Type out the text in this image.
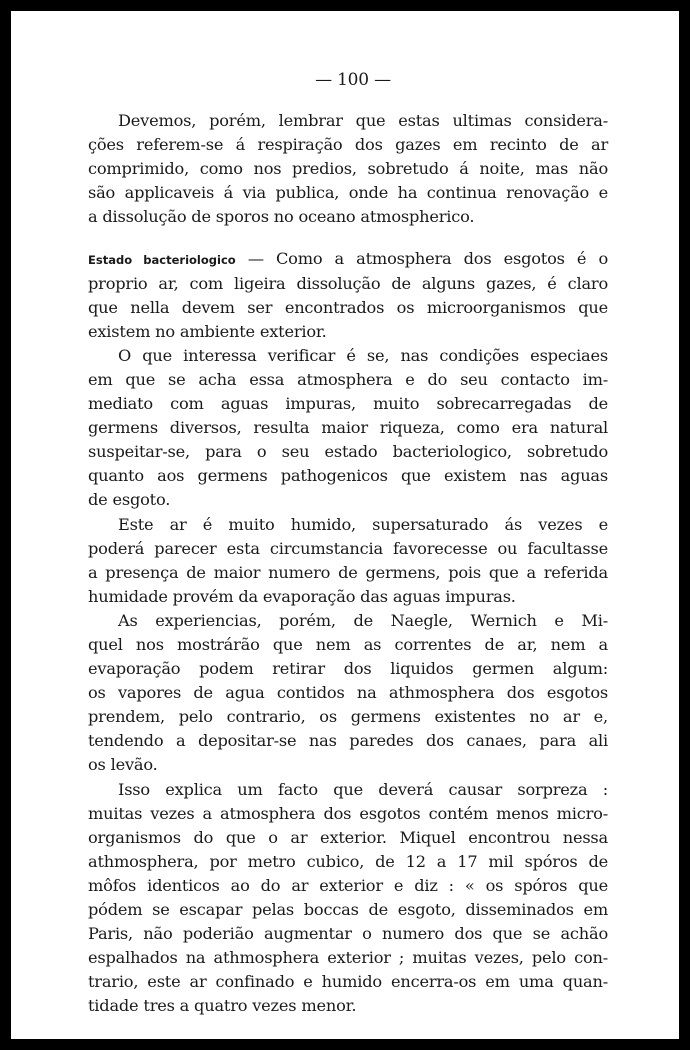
— 100 —
Devemos, porém, lembrar que estas ultimas considera-
ções referem-se á respiração dos gazes em recinto de ar
comprimido, como nos predios, sobretudo á noite, mas não
são applicaveis á via publica, onde ha continua renovação e
a dissolução de sporos no oceano atmospherico.
Estado bacteriologico — Como a atmosphera dos esgotos é o
proprio ar, com ligeira dissolução de alguns gazes, é claro
que nella devem ser encontrados os microorganismos que
existem no ambiente exterior.
O que interessa verificar é se, nas condições especiaes
em que se acha essa atmosphera e do seu contacto im-
mediato com aguas impuras, muito sobrecarregadas de
germens diversos, resulta maior riqueza, como era natural
suspeitar-se, para o seu estado bacteriologico, sobretudo
quanto aos germens pathogenicos que existem nas aguas
de esgoto.
Este ar é muito humido, supersaturado ás vezes e
poderá parecer esta circumstancia favorecesse ou facultasse
a presença de maior numero de germens, pois que a referida
humidade provém da evaporação das aguas impuras.
As experiencias, porém, de Naegle, Wernich e Mi-
quel nos mostrárão que nem as correntes de ar, nem a
evaporação podem retirar dos liquidos germen algum:
os vapores de agua contidos na athmosphera dos esgotos
prendem, pelo contrario, os germens existentes no ar e,
tendendo a depositar-se nas paredes dos canaes, para ali
os levão.
Isso explica um facto que deverá causar sorpreza :
muitas vezes a atmosphera dos esgotos contém menos micro-
organismos do que o ar exterior. Miquel encontrou nessa
athmosphera, por metro cubico, de 12 a 17 mil spóros de
môfos identicos ao do ar exterior e diz : « os spóros que
pódem se escapar pelas boccas de esgoto, disseminados em
Paris, não poderião augmentar o numero dos que se achão
espalhados na athmosphera exterior ; muitas vezes, pelo con-
trario, este ar confinado e humido encerra-os em uma quan-
tidade tres a quatro vezes menor.
